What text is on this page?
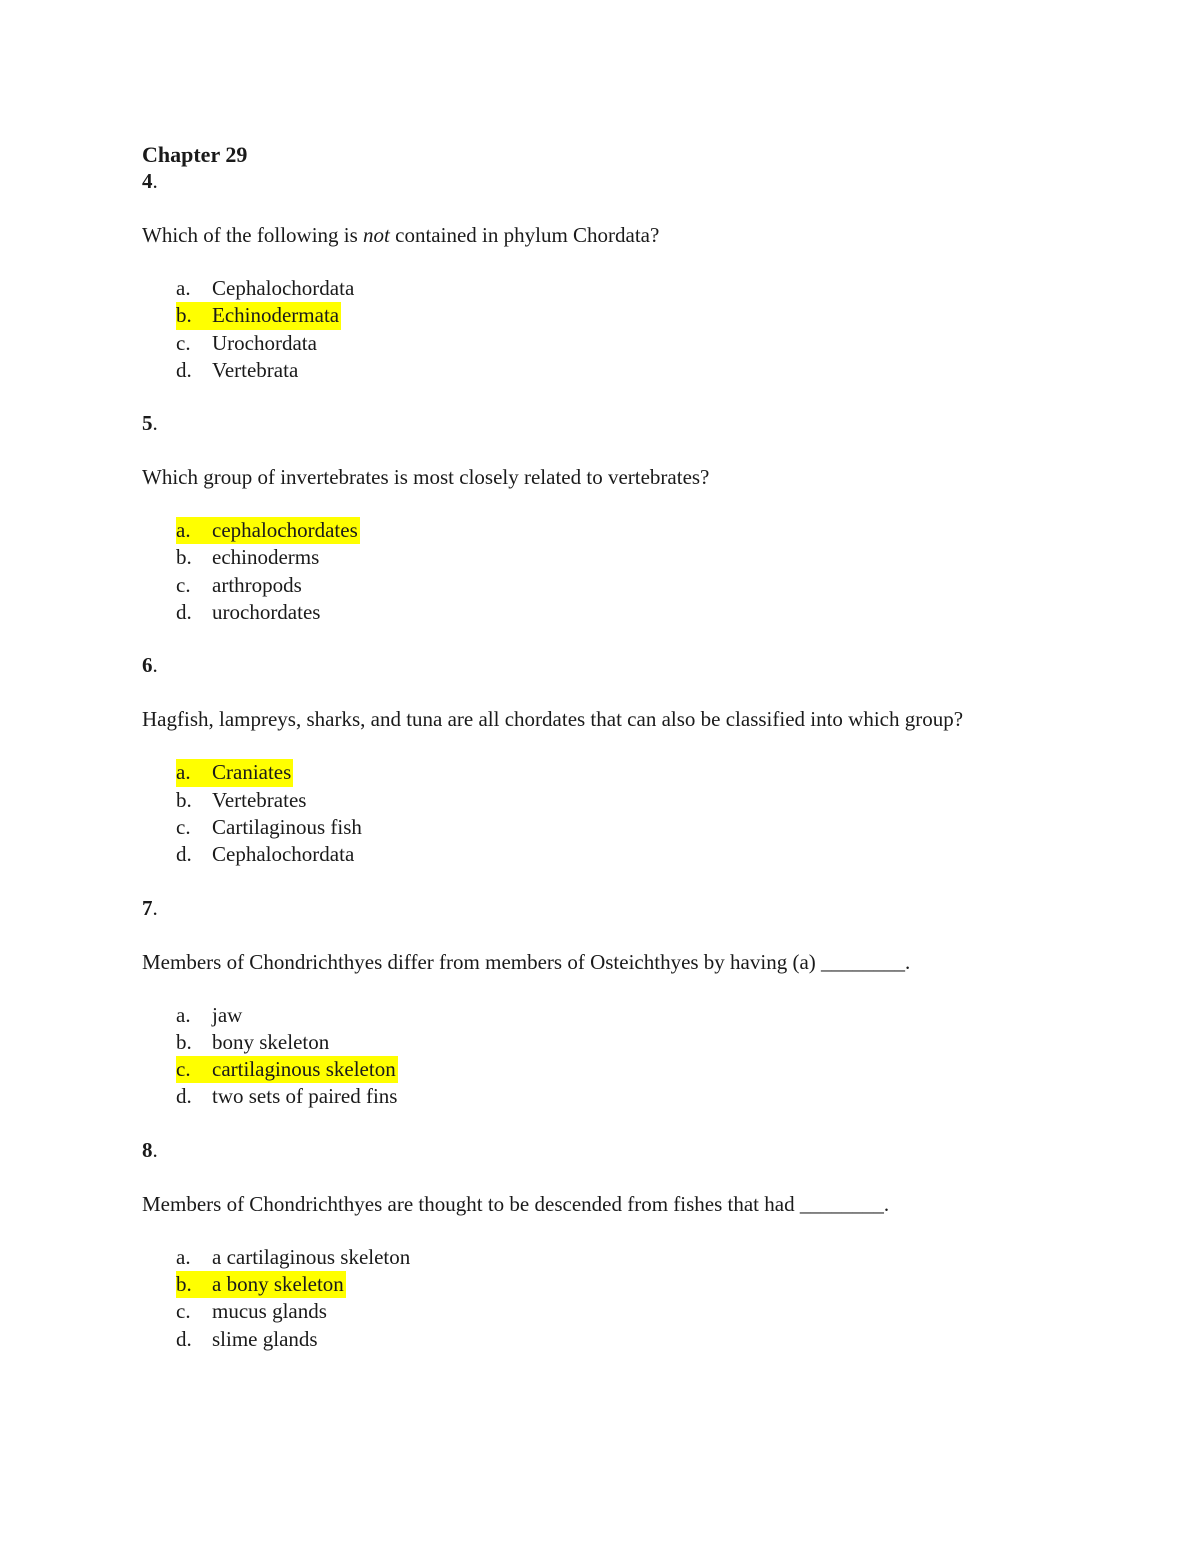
Chapter 29

4.

Which of the following is not contained in phylum Chordata?

a. Cephalochordata
b. Echinodermata
c. Urochordata
d. Vertebrata

5.

Which group of invertebrates is most closely related to vertebrates?

a. cephalochordates
b. echinoderms
c. arthropods
d. urochordates

6.

Hagfish, lampreys, sharks, and tuna are all chordates that can also be classified into which group?

a. Craniates
b. Vertebrates
c. Cartilaginous fish
d. Cephalochordata

7.

Members of Chondrichthyes differ from members of Osteichthyes by having (a) ________.

a. jaw
b. bony skeleton
c. cartilaginous skeleton
d. two sets of paired fins

8.

Members of Chondrichthyes are thought to be descended from fishes that had ________.

a. a cartilaginous skeleton
b. a bony skeleton
c. mucus glands
d. slime glands
